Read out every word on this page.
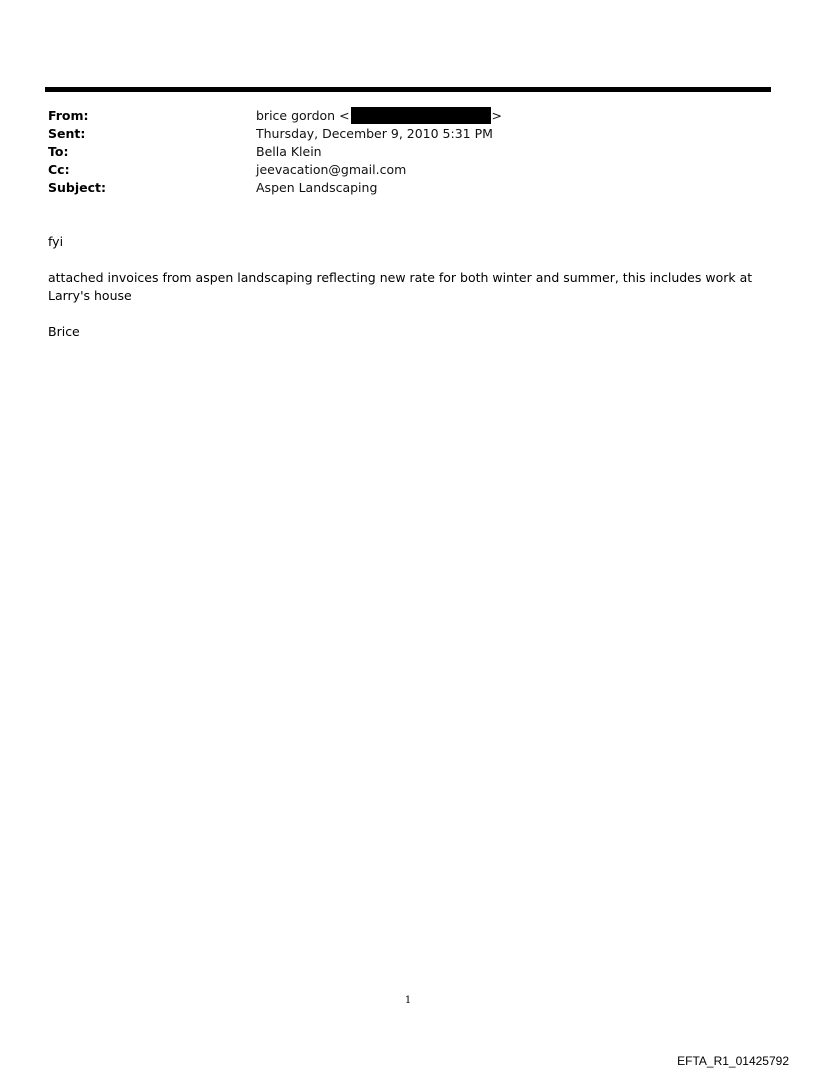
From:	brice gordon <	>
Sent:	Thursday, December 9, 2010 5:31 PM
To:	Bella Klein
Cc:	jeevacation@gmail.com
Subject:	Aspen Landscaping
fyi
attached invoices from aspen landscaping reflecting new rate for both winter and summer, this includes work at Larry's house
Brice
1
EFTA_R1_01425792
